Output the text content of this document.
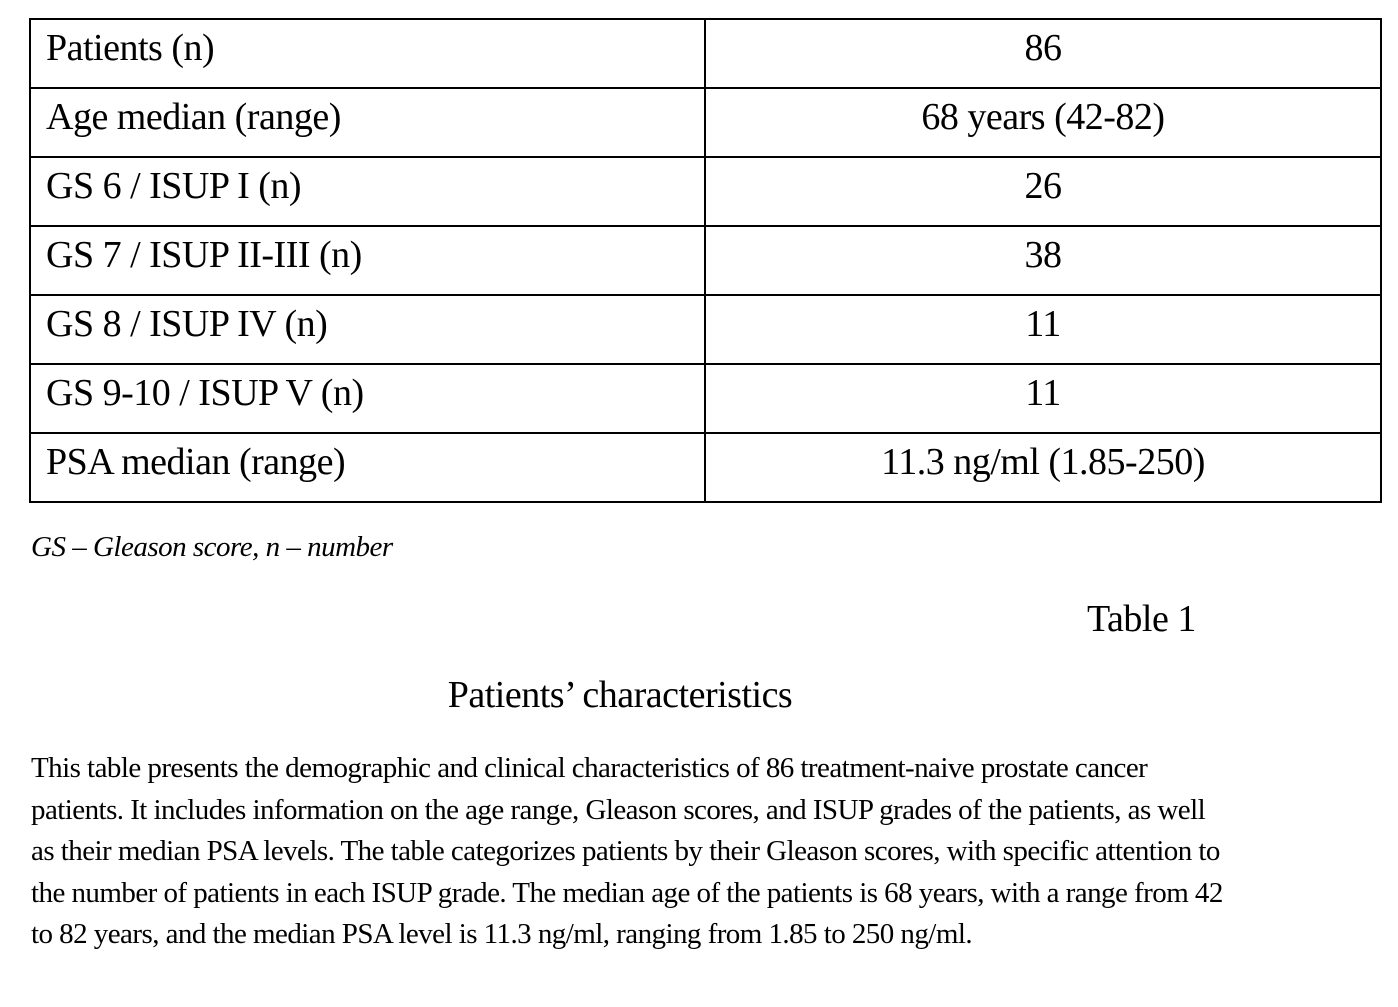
Patients (n)	86
Age median (range)	68 years (42-82)
GS 6 / ISUP I (n)	26
GS 7 / ISUP II-III (n)	38
GS 8 / ISUP IV (n)	11
GS 9-10 / ISUP V (n)	11
PSA median (range)	11.3 ng/ml (1.85-250)

GS – Gleason score, n – number

Table 1

Patients’ characteristics

This table presents the demographic and clinical characteristics of 86 treatment-naive prostate cancer patients. It includes information on the age range, Gleason scores, and ISUP grades of the patients, as well as their median PSA levels. The table categorizes patients by their Gleason scores, with specific attention to the number of patients in each ISUP grade. The median age of the patients is 68 years, with a range from 42 to 82 years, and the median PSA level is 11.3 ng/ml, ranging from 1.85 to 250 ng/ml.
